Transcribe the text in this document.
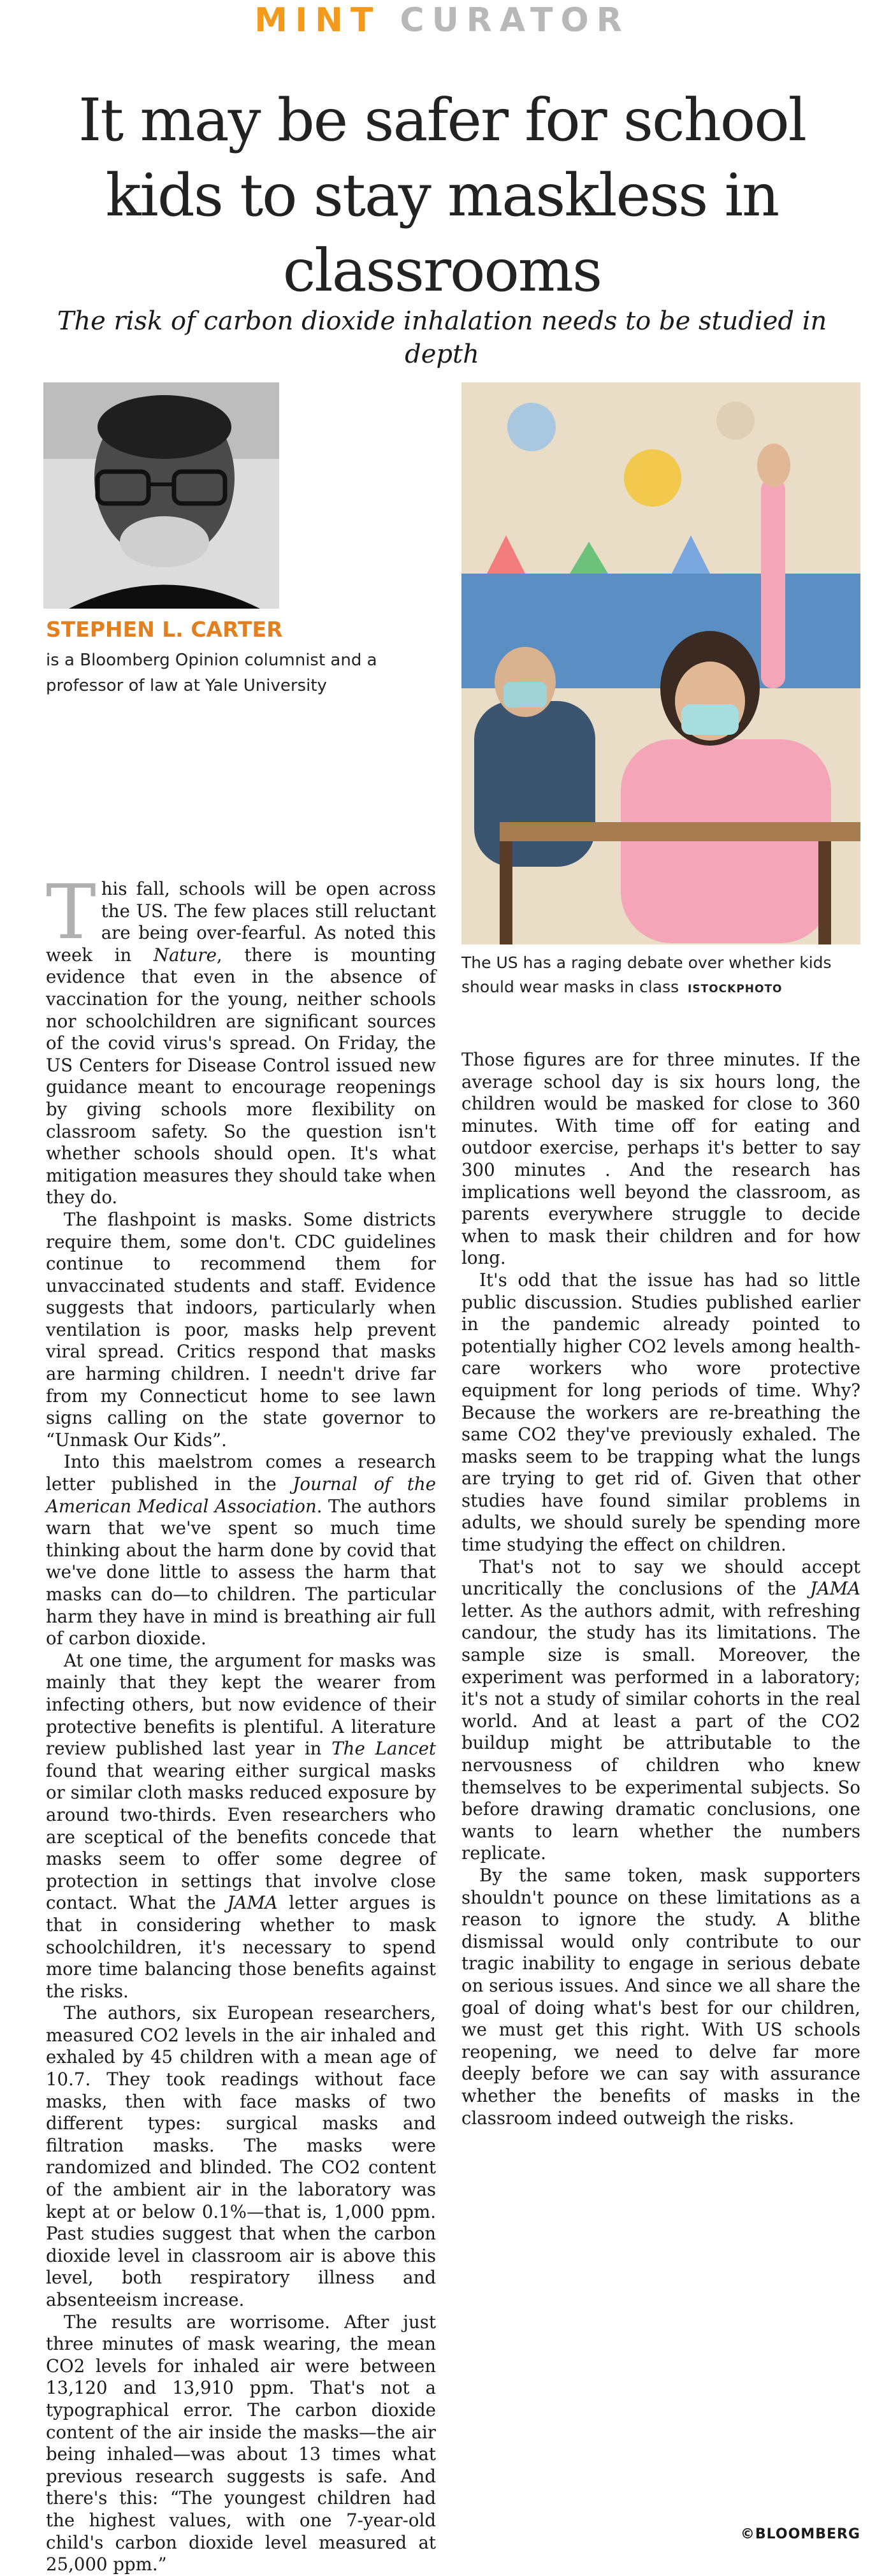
MINT CURATOR
It may be safer for school kids to stay maskless in classrooms
The risk of carbon dioxide inhalation needs to be studied in depth
STEPHEN L. CARTER
is a Bloomberg Opinion columnist and a professor of law at Yale University
The US has a raging debate over whether kids should wear masks in class ISTOCKPHOTO

This fall, schools will be open across the US. The few places still reluctant are being over-fearful. As noted this week in Nature, there is mounting evidence that even in the absence of vaccination for the young, neither schools nor schoolchildren are significant sources of the covid virus's spread. On Friday, the US Centers for Disease Control issued new guidance meant to encourage reopenings by giving schools more flexibility on classroom safety. So the question isn't whether schools should open. It's what mitigation measures they should take when they do.

The flashpoint is masks. Some districts require them, some don't. CDC guidelines continue to recommend them for unvaccinated students and staff. Evidence suggests that indoors, particularly when ventilation is poor, masks help prevent viral spread. Critics respond that masks are harming children. I needn't drive far from my Connecticut home to see lawn signs calling on the state governor to “Unmask Our Kids”.

Into this maelstrom comes a research letter published in the Journal of the American Medical Association. The authors warn that we've spent so much time thinking about the harm done by covid that we've done little to assess the harm that masks can do—to children. The particular harm they have in mind is breathing air full of carbon dioxide.

At one time, the argument for masks was mainly that they kept the wearer from infecting others, but now evidence of their protective benefits is plentiful. A literature review published last year in The Lancet found that wearing either surgical masks or similar cloth masks reduced exposure by around two-thirds. Even researchers who are sceptical of the benefits concede that masks seem to offer some degree of protection in settings that involve close contact. What the JAMA letter argues is that in considering whether to mask schoolchildren, it's necessary to spend more time balancing those benefits against the risks.

The authors, six European researchers, measured CO2 levels in the air inhaled and exhaled by 45 children with a mean age of 10.7. They took readings without face masks, then with face masks of two different types: surgical masks and filtration masks. The masks were randomized and blinded. The CO2 content of the ambient air in the laboratory was kept at or below 0.1%—that is, 1,000 ppm. Past studies suggest that when the carbon dioxide level in classroom air is above this level, both respiratory illness and absenteeism increase.

The results are worrisome. After just three minutes of mask wearing, the mean CO2 levels for inhaled air were between 13,120 and 13,910 ppm. That's not a typographical error. The carbon dioxide content of the air inside the masks—the air being inhaled—was about 13 times what previous research suggests is safe. And there's this: “The youngest children had the highest values, with one 7-year-old child's carbon dioxide level measured at 25,000 ppm.”

Those figures are for three minutes. If the average school day is six hours long, the children would be masked for close to 360 minutes. With time off for eating and outdoor exercise, perhaps it's better to say 300 minutes . And the research has implications well beyond the classroom, as parents everywhere struggle to decide when to mask their children and for how long.

It's odd that the issue has had so little public discussion. Studies published earlier in the pandemic already pointed to potentially higher CO2 levels among health-care workers who wore protective equipment for long periods of time. Why? Because the workers are re-breathing the same CO2 they've previously exhaled. The masks seem to be trapping what the lungs are trying to get rid of. Given that other studies have found similar problems in adults, we should surely be spending more time studying the effect on children.

That's not to say we should accept uncritically the conclusions of the JAMA letter. As the authors admit, with refreshing candour, the study has its limitations. The sample size is small. Moreover, the experiment was performed in a laboratory; it's not a study of similar cohorts in the real world. And at least a part of the CO2 buildup might be attributable to the nervousness of children who knew themselves to be experimental subjects. So before drawing dramatic conclusions, one wants to learn whether the numbers replicate.

By the same token, mask supporters shouldn't pounce on these limitations as a reason to ignore the study. A blithe dismissal would only contribute to our tragic inability to engage in serious debate on serious issues. And since we all share the goal of doing what's best for our children, we must get this right. With US schools reopening, we need to delve far more deeply before we can say with assurance whether the benefits of masks in the classroom indeed outweigh the risks.

©BLOOMBERG
